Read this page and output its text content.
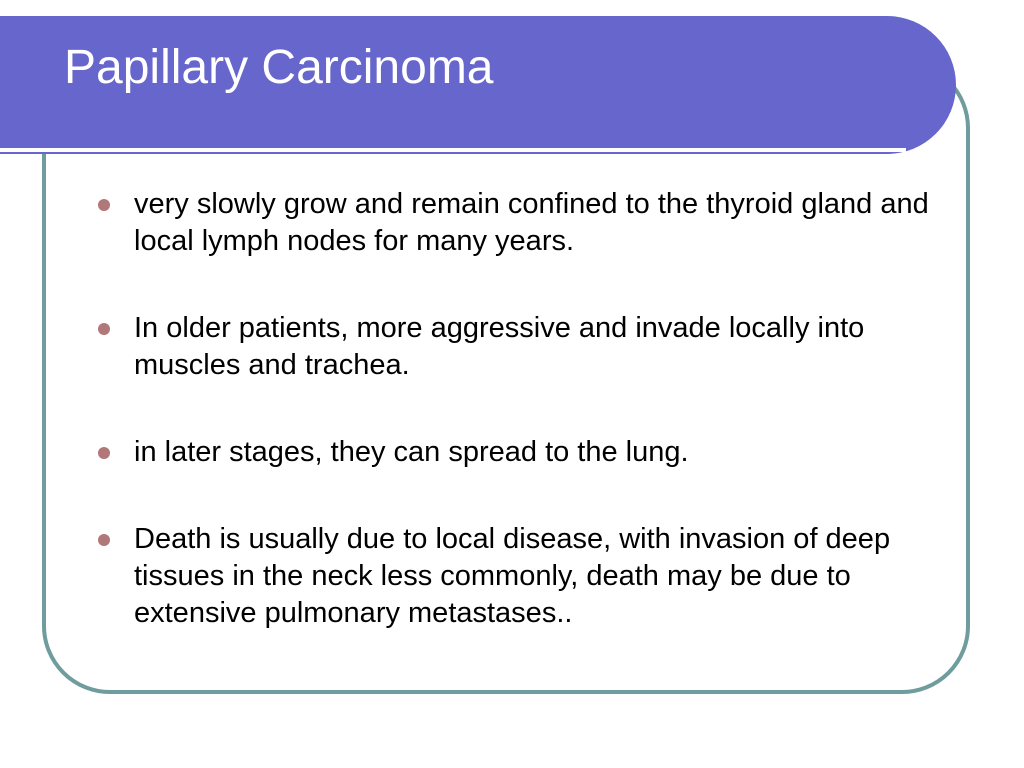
Papillary Carcinoma
very slowly grow and remain confined to the thyroid gland and local lymph nodes for many years.
In older patients, more aggressive and invade locally into muscles and trachea.
in later stages, they can spread to the lung.
Death is usually due to local disease, with invasion of deep tissues in the neck less commonly, death may be due to extensive pulmonary metastases..
